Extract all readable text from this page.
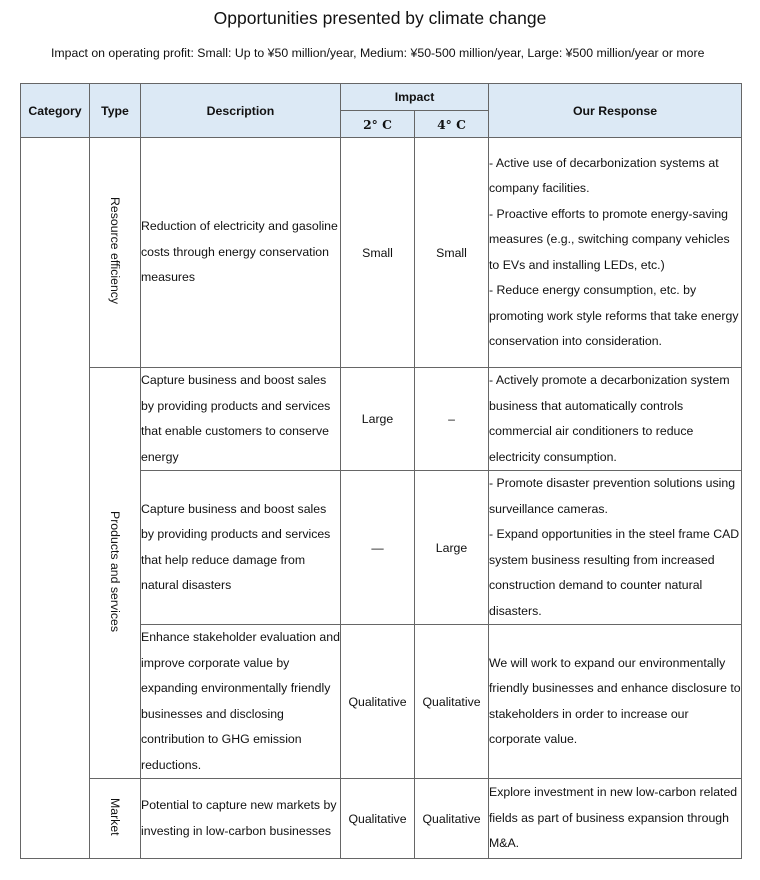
Opportunities presented by climate change
Impact on operating profit: Small: Up to ¥50 million/year, Medium: ¥50-500 million/year, Large: ¥500 million/year or more
Category	Type	Description	Impact		Our Response
			2° C	4° C	
	Resource efficiency	Reduction of electricity and gasoline costs through energy conservation measures	Small	Small	- Active use of decarbonization systems at company facilities.

- Proactive efforts to promote energy-saving measures (e.g., switching company vehicles to EVs and installing LEDs, etc.)

- Reduce energy consumption, etc. by promoting work style reforms that take energy conservation into consideration.

	Products and services	Capture business and boost sales by providing products and services that enable customers to conserve energy	Large	–	- Actively promote a decarbonization system business that automatically controls commercial air conditioners to reduce electricity consumption.

		Capture business and boost sales by providing products and services that help reduce damage from natural disasters	—	Large	- Promote disaster prevention solutions using surveillance cameras.

- Expand opportunities in the steel frame CAD system business resulting from increased construction demand to counter natural disasters.

		Enhance stakeholder evaluation and improve corporate value by expanding environmentally friendly businesses and disclosing contribution to GHG emission reductions.	Qualitative	Qualitative	We will work to expand our environmentally friendly businesses and enhance disclosure to stakeholders in order to increase our corporate value.

	Market	Potential to capture new markets by investing in low-carbon businesses	Qualitative	Qualitative	Explore investment in new low-carbon related fields as part of business expansion through M&A.
